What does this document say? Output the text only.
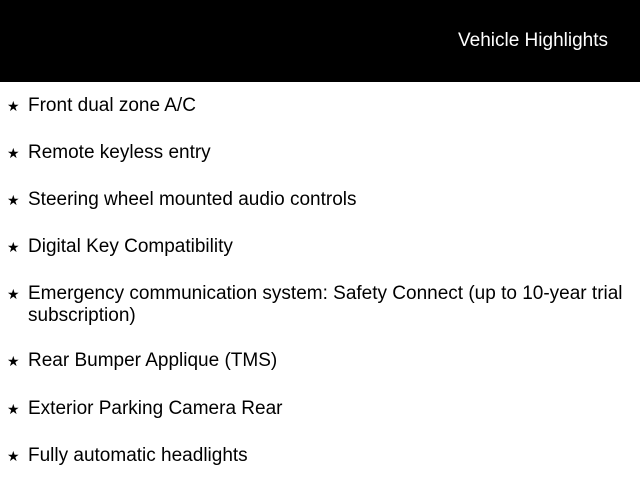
Vehicle Highlights
★ Front dual zone A/C
★ Remote keyless entry
★ Steering wheel mounted audio controls
★ Digital Key Compatibility
★ Emergency communication system: Safety Connect (up to 10-year trial subscription)
★ Rear Bumper Applique (TMS)
★ Exterior Parking Camera Rear
★ Fully automatic headlights
